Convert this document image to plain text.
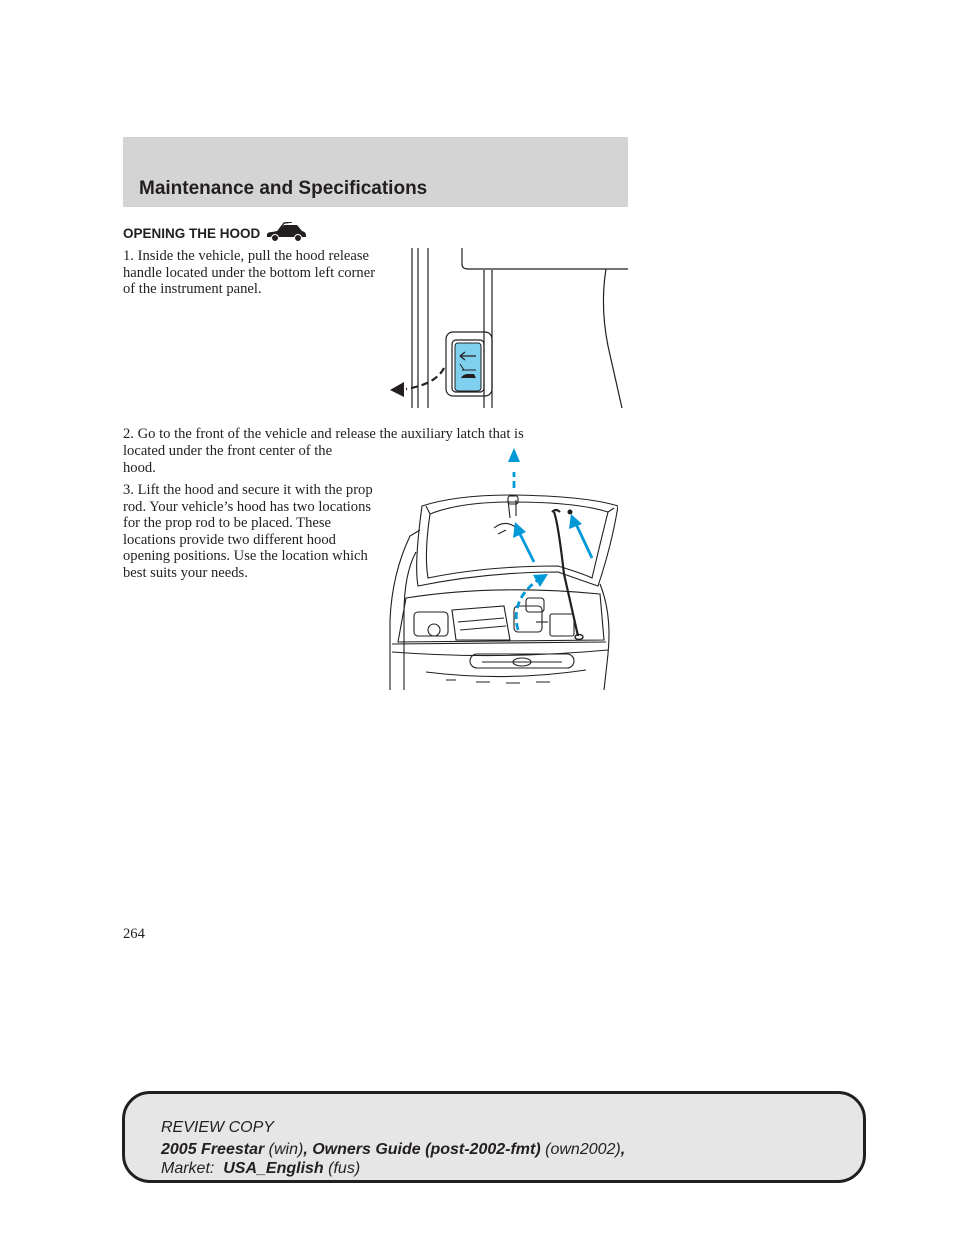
Maintenance and Specifications
OPENING THE HOOD
1. Inside the vehicle, pull the hood release handle located under the bottom left corner of the instrument panel.
2. Go to the front of the vehicle and release the auxiliary latch that is
located under the front center of the hood.
3. Lift the hood and secure it with the prop rod. Your vehicle’s hood has two locations for the prop rod to be placed. These locations provide two different hood opening positions. Use the location which best suits your needs.
264
REVIEW COPY
2005 Freestar (win), Owners Guide (post-2002-fmt) (own2002),
Market: USA_English (fus)
